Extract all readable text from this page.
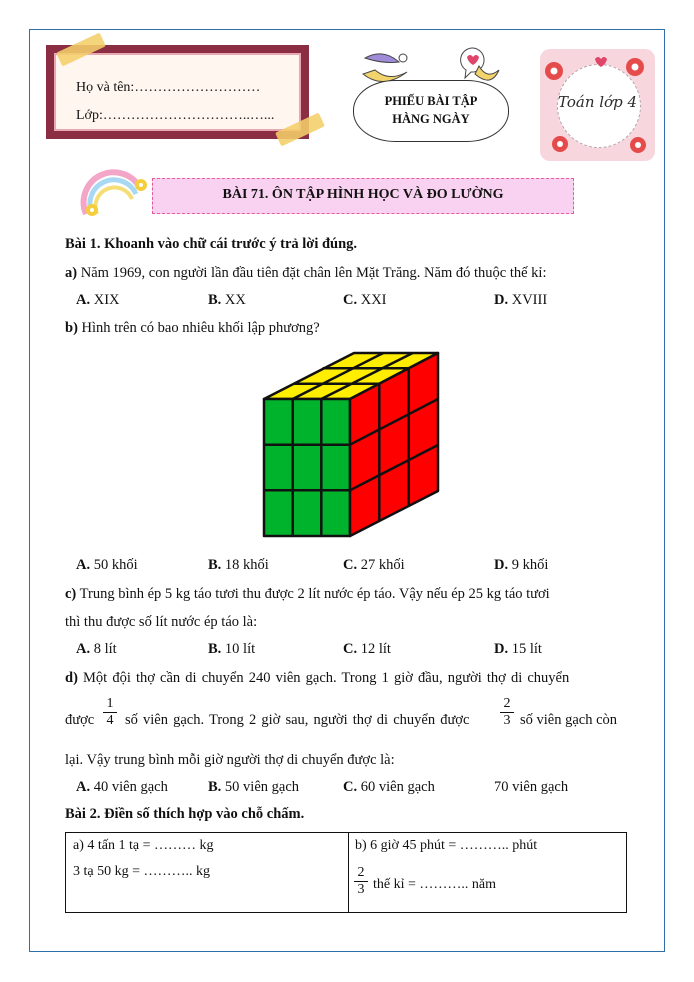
Họ và tên:………………………
Lớp:…………………………..…...
PHIẾU BÀI TẬP
HÀNG NGÀY
Toán lớp 4
BÀI 71. ÔN TẬP HÌNH HỌC VÀ ĐO LƯỜNG
Bài 1. Khoanh vào chữ cái trước ý trả lời đúng.
a) Năm 1969, con người lần đầu tiên đặt chân lên Mặt Trăng. Năm đó thuộc thế kỉ:
A. XIX	B. XX	C. XXI	D. XVIII
b) Hình trên có bao nhiêu khối lập phương?
A. 50 khối	B. 18 khối	C. 27 khối	D. 9 khối
c) Trung bình ép 5 kg táo tươi thu được 2 lít nước ép táo. Vậy nếu ép 25 kg táo tươi
thì thu được số lít nước ép táo là:
A. 8 lít	B. 10 lít	C. 12 lít	D. 15 lít
d) Một đội thợ cần di chuyển 240 viên gạch. Trong 1 giờ đầu, người thợ di chuyển
được $\frac{1}{4}$ số viên gạch. Trong 2 giờ sau, người thợ di chuyển được $\frac{2}{3}$ số viên gạch còn
lại. Vậy trung bình mỗi giờ người thợ di chuyển được là:
A. 40 viên gạch	B. 50 viên gạch	C. 60 viên gạch	70 viên gạch
Bài 2. Điền số thích hợp vào chỗ chấm.
a) 4 tấn 1 tạ = ……… kg
3 tạ 50 kg = ……….. kg
b) 6 giờ 45 phút = ……….. phút
$\frac{2}{3}$ thế kỉ = ……….. năm
